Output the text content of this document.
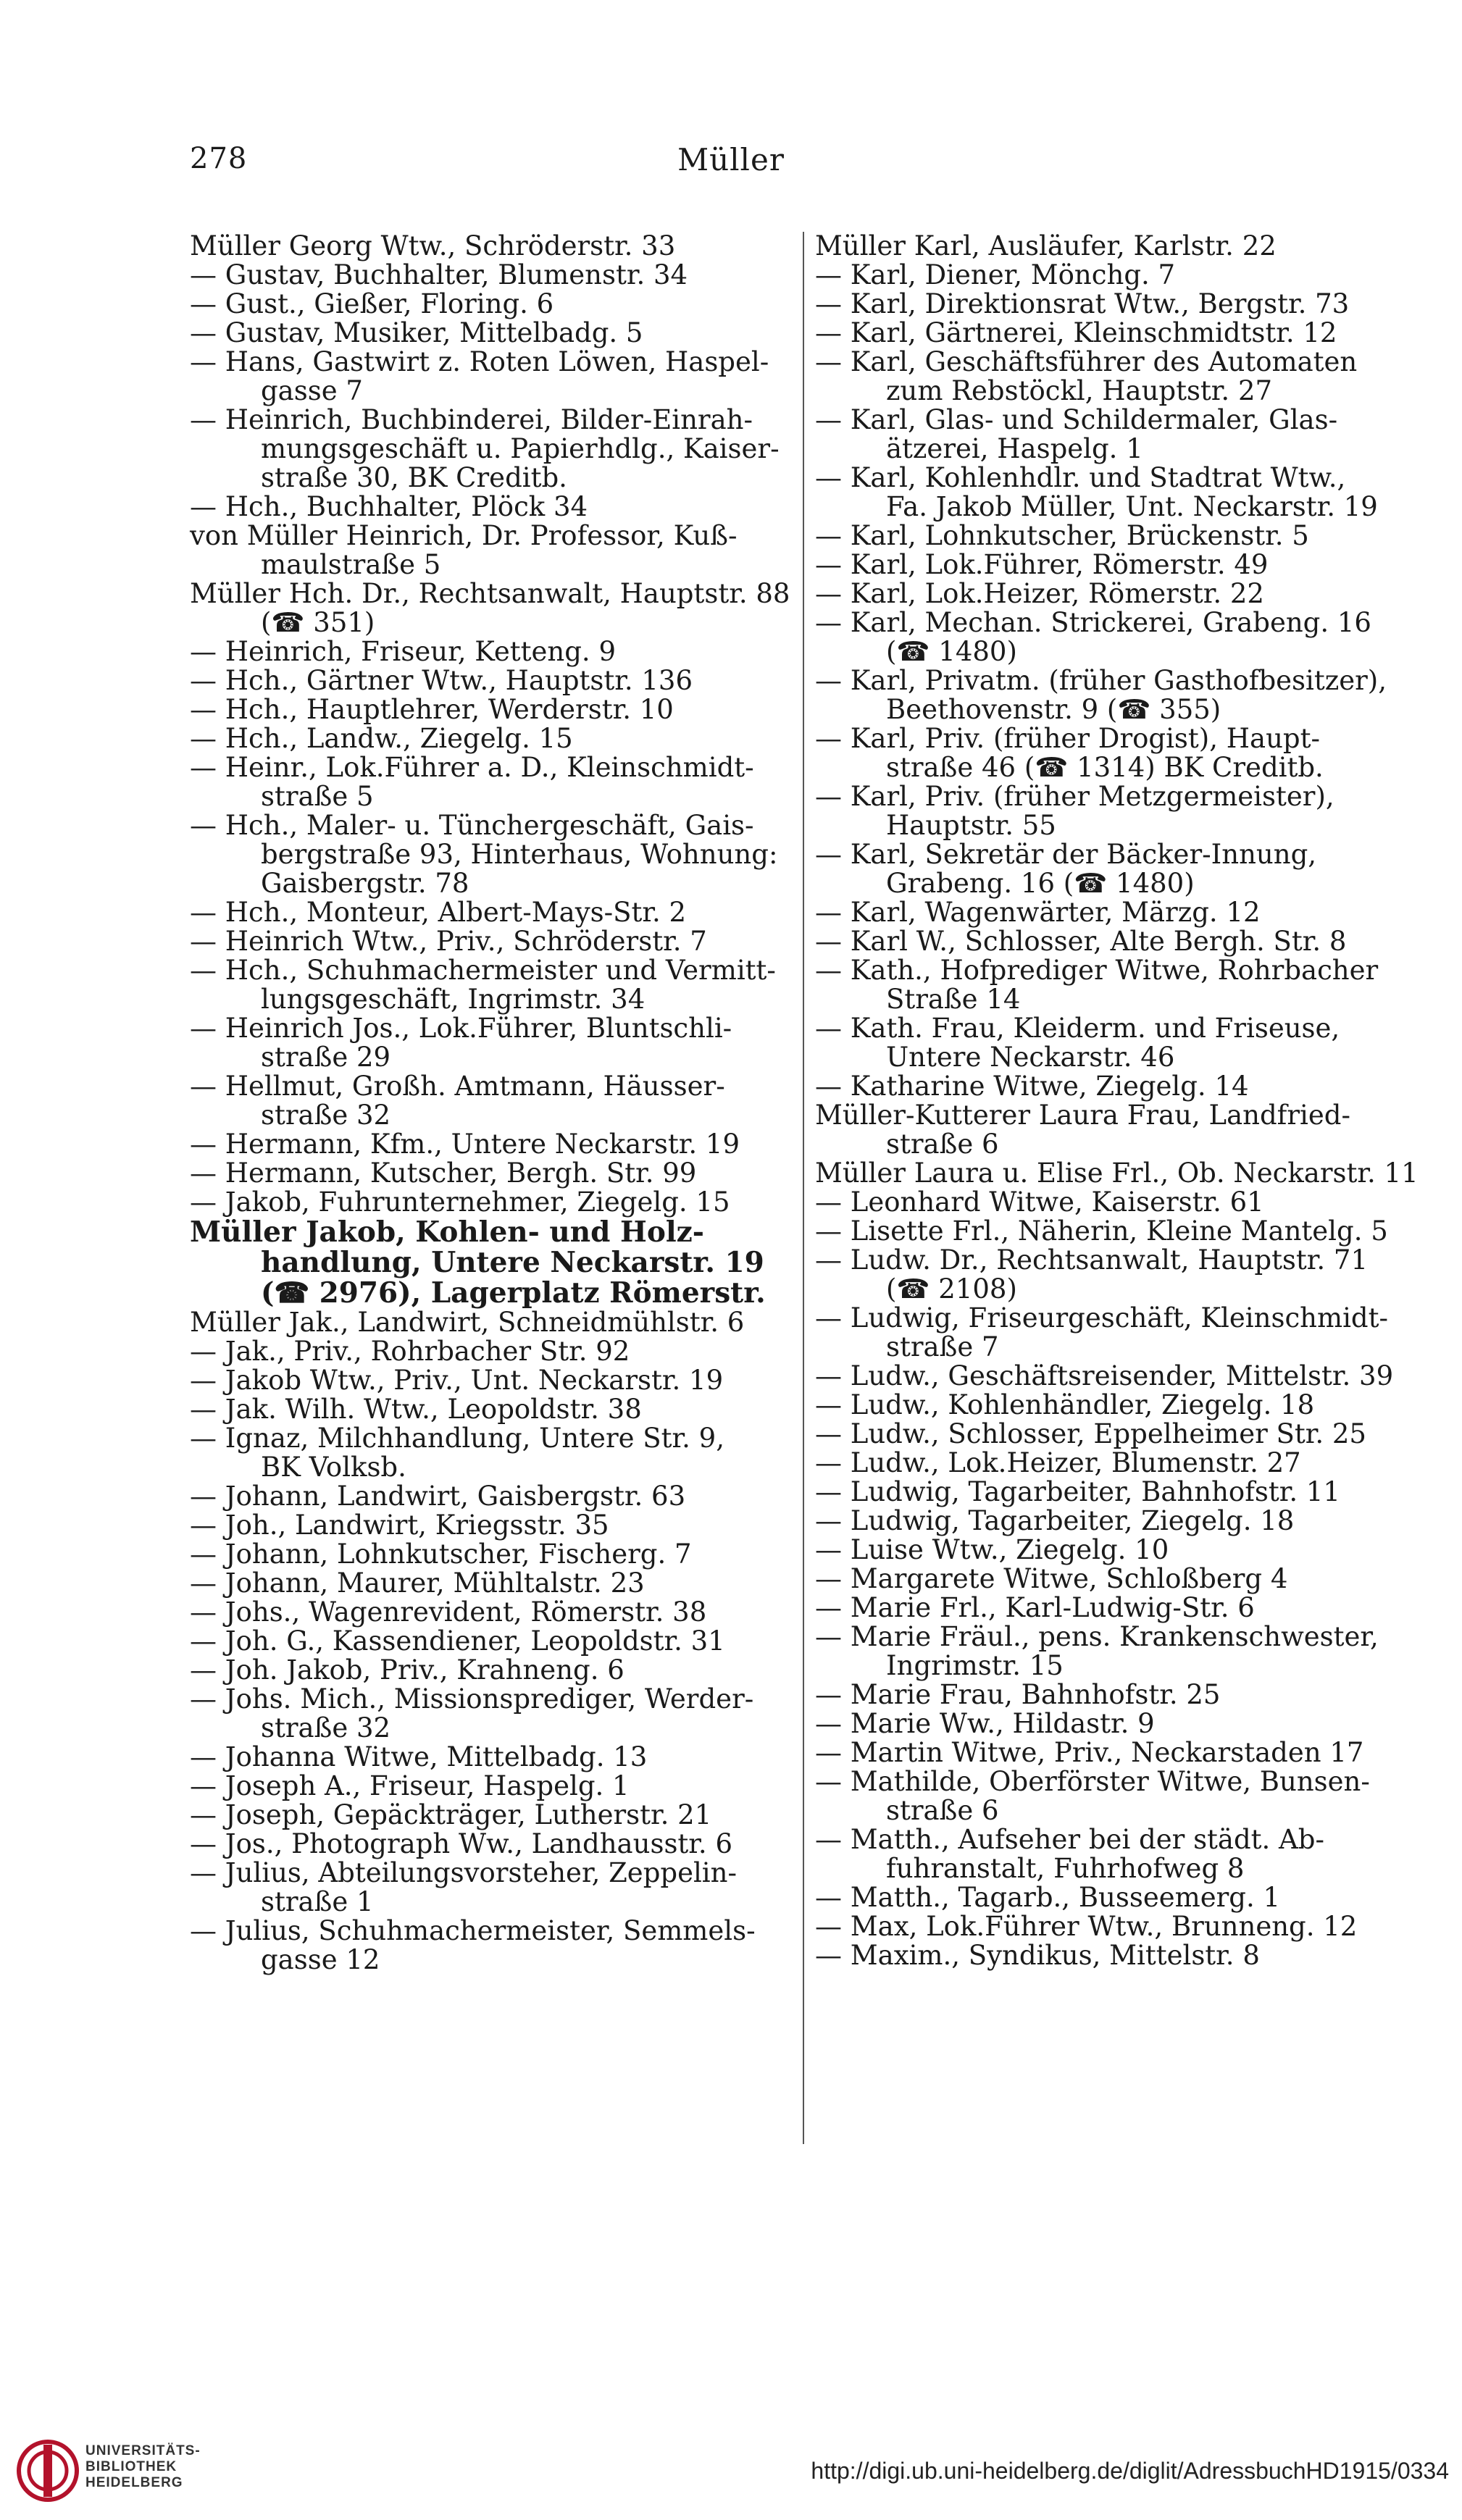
278	Müller
Müller Georg Wtw., Schröderstr. 33
— Gustav, Buchhalter, Blumenstr. 34
— Gust., Gießer, Floring. 6
— Gustav, Musiker, Mittelbadg. 5
— Hans, Gastwirt z. Roten Löwen, Haspel-
gasse 7
— Heinrich, Buchbinderei, Bilder-Einrah-
mungsgeschäft u. Papierhdlg., Kaiser-
straße 30, BK Creditb.
— Hch., Buchhalter, Plöck 34
von Müller Heinrich, Dr. Professor, Kuß-
maulstraße 5
Müller Hch. Dr., Rechtsanwalt, Hauptstr. 88
(☎ 351)
— Heinrich, Friseur, Ketteng. 9
— Hch., Gärtner Wtw., Hauptstr. 136
— Hch., Hauptlehrer, Werderstr. 10
— Hch., Landw., Ziegelg. 15
— Heinr., Lok.Führer a. D., Kleinschmidt-
straße 5
— Hch., Maler- u. Tünchergeschäft, Gais-
bergstraße 93, Hinterhaus, Wohnung:
Gaisbergstr. 78
— Hch., Monteur, Albert-Mays-Str. 2
— Heinrich Wtw., Priv., Schröderstr. 7
— Hch., Schuhmachermeister und Vermitt-
lungsgeschäft, Ingrimstr. 34
— Heinrich Jos., Lok.Führer, Bluntschli-
straße 29
— Hellmut, Großh. Amtmann, Häusser-
straße 32
— Hermann, Kfm., Untere Neckarstr. 19
— Hermann, Kutscher, Bergh. Str. 99
— Jakob, Fuhrunternehmer, Ziegelg. 15
Müller Jakob, Kohlen- und Holz-
handlung, Untere Neckarstr. 19
(☎ 2976), Lagerplatz Römerstr.
Müller Jak., Landwirt, Schneidmühlstr. 6
— Jak., Priv., Rohrbacher Str. 92
— Jakob Wtw., Priv., Unt. Neckarstr. 19
— Jak. Wilh. Wtw., Leopoldstr. 38
— Ignaz, Milchhandlung, Untere Str. 9,
BK Volksb.
— Johann, Landwirt, Gaisbergstr. 63
— Joh., Landwirt, Kriegsstr. 35
— Johann, Lohnkutscher, Fischerg. 7
— Johann, Maurer, Mühltalstr. 23
— Johs., Wagenrevident, Römerstr. 38
— Joh. G., Kassendiener, Leopoldstr. 31
— Joh. Jakob, Priv., Krahneng. 6
— Johs. Mich., Missionsprediger, Werder-
straße 32
— Johanna Witwe, Mittelbadg. 13
— Joseph A., Friseur, Haspelg. 1
— Joseph, Gepäckträger, Lutherstr. 21
— Jos., Photograph Ww., Landhausstr. 6
— Julius, Abteilungsvorsteher, Zeppelin-
straße 1
— Julius, Schuhmachermeister, Semmels-
gasse 12
Müller Karl, Ausläufer, Karlstr. 22
— Karl, Diener, Mönchg. 7
— Karl, Direktionsrat Wtw., Bergstr. 73
— Karl, Gärtnerei, Kleinschmidtstr. 12
— Karl, Geschäftsführer des Automaten
zum Rebstöckl, Hauptstr. 27
— Karl, Glas- und Schildermaler, Glas-
ätzerei, Haspelg. 1
— Karl, Kohlenhdlr. und Stadtrat Wtw.,
Fa. Jakob Müller, Unt. Neckarstr. 19
— Karl, Lohnkutscher, Brückenstr. 5
— Karl, Lok.Führer, Römerstr. 49
— Karl, Lok.Heizer, Römerstr. 22
— Karl, Mechan. Strickerei, Grabeng. 16
(☎ 1480)
— Karl, Privatm. (früher Gasthofbesitzer),
Beethovenstr. 9 (☎ 355)
— Karl, Priv. (früher Drogist), Haupt-
straße 46 (☎ 1314) BK Creditb.
— Karl, Priv. (früher Metzgermeister),
Hauptstr. 55
— Karl, Sekretär der Bäcker-Innung,
Grabeng. 16 (☎ 1480)
— Karl, Wagenwärter, Märzg. 12
— Karl W., Schlosser, Alte Bergh. Str. 8
— Kath., Hofprediger Witwe, Rohrbacher
Straße 14
— Kath. Frau, Kleiderm. und Friseuse,
Untere Neckarstr. 46
— Katharine Witwe, Ziegelg. 14
Müller-Kutterer Laura Frau, Landfried-
straße 6
Müller Laura u. Elise Frl., Ob. Neckarstr. 11
— Leonhard Witwe, Kaiserstr. 61
— Lisette Frl., Näherin, Kleine Mantelg. 5
— Ludw. Dr., Rechtsanwalt, Hauptstr. 71
(☎ 2108)
— Ludwig, Friseurgeschäft, Kleinschmidt-
straße 7
— Ludw., Geschäftsreisender, Mittelstr. 39
— Ludw., Kohlenhändler, Ziegelg. 18
— Ludw., Schlosser, Eppelheimer Str. 25
— Ludw., Lok.Heizer, Blumenstr. 27
— Ludwig, Tagarbeiter, Bahnhofstr. 11
— Ludwig, Tagarbeiter, Ziegelg. 18
— Luise Wtw., Ziegelg. 10
— Margarete Witwe, Schloßberg 4
— Marie Frl., Karl-Ludwig-Str. 6
— Marie Fräul., pens. Krankenschwester,
Ingrimstr. 15
— Marie Frau, Bahnhofstr. 25
— Marie Ww., Hildastr. 9
— Martin Witwe, Priv., Neckarstaden 17
— Mathilde, Oberförster Witwe, Bunsen-
straße 6
— Matth., Aufseher bei der städt. Ab-
fuhranstalt, Fuhrhofweg 8
— Matth., Tagarb., Busseemerg. 1
— Max, Lok.Führer Wtw., Brunneng. 12
— Maxim., Syndikus, Mittelstr. 8
UNIVERSITÄTS-
BIBLIOTHEK
HEIDELBERG	http://digi.ub.uni-heidelberg.de/diglit/AdressbuchHD1915/0334
